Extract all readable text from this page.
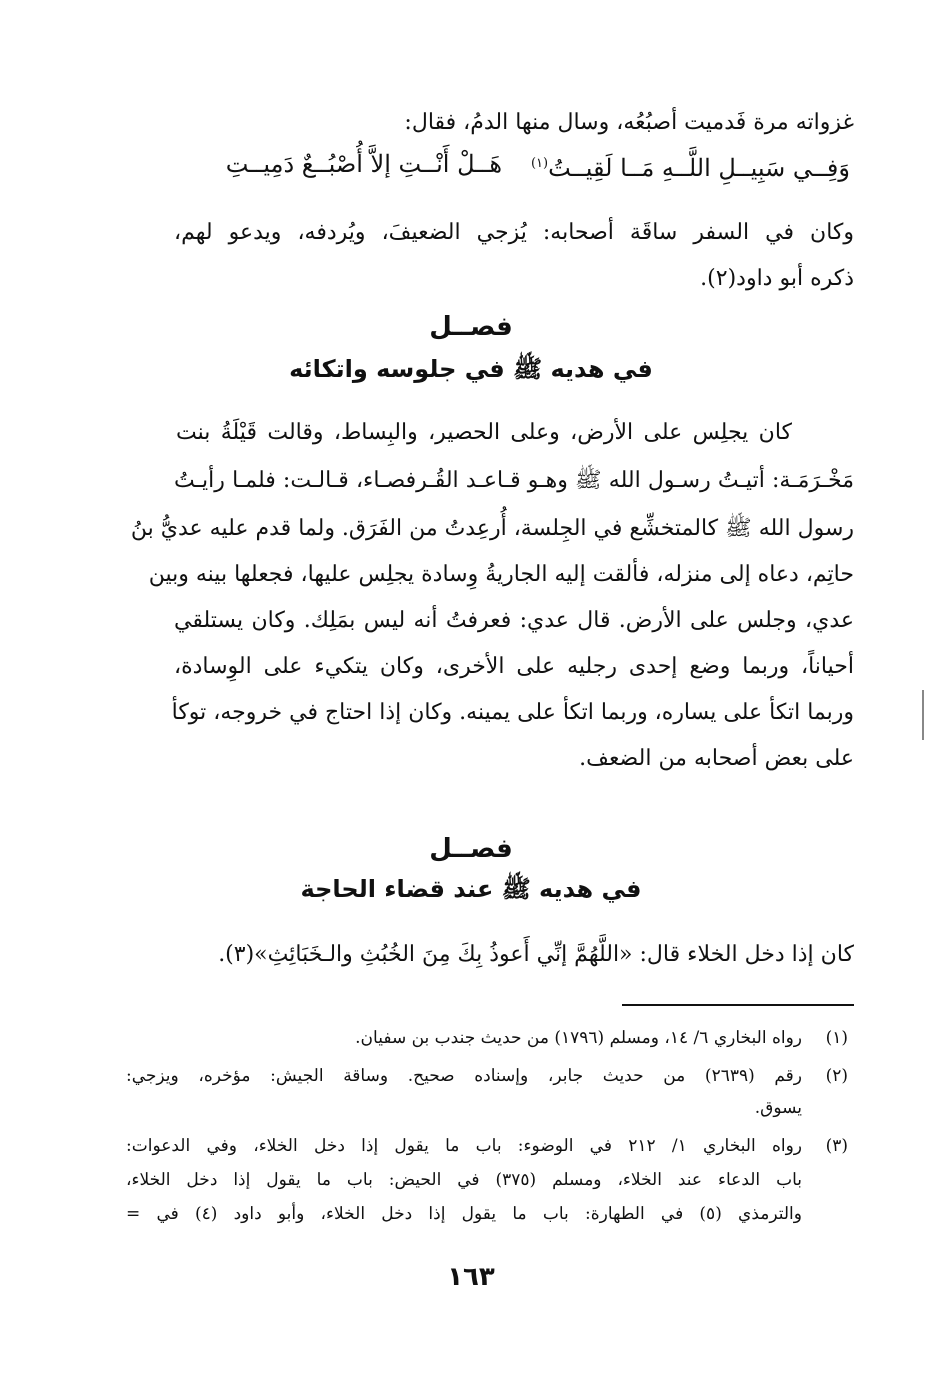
غزواته مرة فَدميت أصبُعُه، وسال منها الدمُ، فقال:
وَفِــي سَبِيــلِ اللَّــهِ مَــا لَقِيــتُ$^{(١)}$
هَــلْ أَنْــتِ إلاَّ أُصْبُــعٌ دَمِيــتِ
وكان في السفر ساقَة أصحابه: يُزجي الضعيفَ، ويُردفه، ويدعو لهم،
ذكره أبو داود(٢).
فصــل
في هديه ﷺ في جلوسه واتكائه
كان يجلِس على الأرض، وعلى الحصير، والبِساط، وقالت قَيْلَةُ بنت
مَخْـرَمَـة: أتيـتُ رسـول الله ﷺ وهـو قـاعـد القُـرفصـاء، قـالـت: فلمـا رأيـتُ
رسول الله ﷺ كالمتخشِّع في الجِلسة، أُرعِدتُ من الفَرَق. ولما قدم عليه عديُّ بنُ
حاتِم، دعاه إلى منزله، فألقت إليه الجاريةُ وِسادة يجلِس عليها، فجعلها بينه وبين
عدي، وجلس على الأرض. قال عدي: فعرفتُ أنه ليس بمَلِك. وكان يستلقي
أحياناً، وربما وضع إحدى رجليه على الأخرى، وكان يتكيء على الوِسادة،
وربما اتكأ على يساره، وربما اتكأ على يمينه. وكان إذا احتاج في خروجه، توكأ
على بعض أصحابه من الضعف.
فصــل
في هديه ﷺ عند قضاء الحاجة
كان إذا دخل الخلاء قال: «اللَّهُمَّ إنِّي أَعوذُ بِكَ مِنَ الخُبُثِ والـخَبَائِثِ»(٣).
(١)
رواه البخاري ٦/ ١٤، ومسلم (١٧٩٦) من حديث جندب بن سفيان.
(٢)
رقم (٢٦٣٩) من حديث جابر، وإسناده صحيح. وساقة الجيش: مؤخره، ويزجي:
يسوق.
(٣)
رواه البخاري ١/ ٢١٢ في الوضوء: باب ما يقول إذا دخل الخلاء، وفي الدعوات:
باب الدعاء عند الخلاء، ومسلم (٣٧٥) في الحيض: باب ما يقول إذا دخل الخلاء،
والترمذي (٥) في الطهارة: باب ما يقول إذا دخل الخلاء، وأبو داود (٤) في =
١٦٣
